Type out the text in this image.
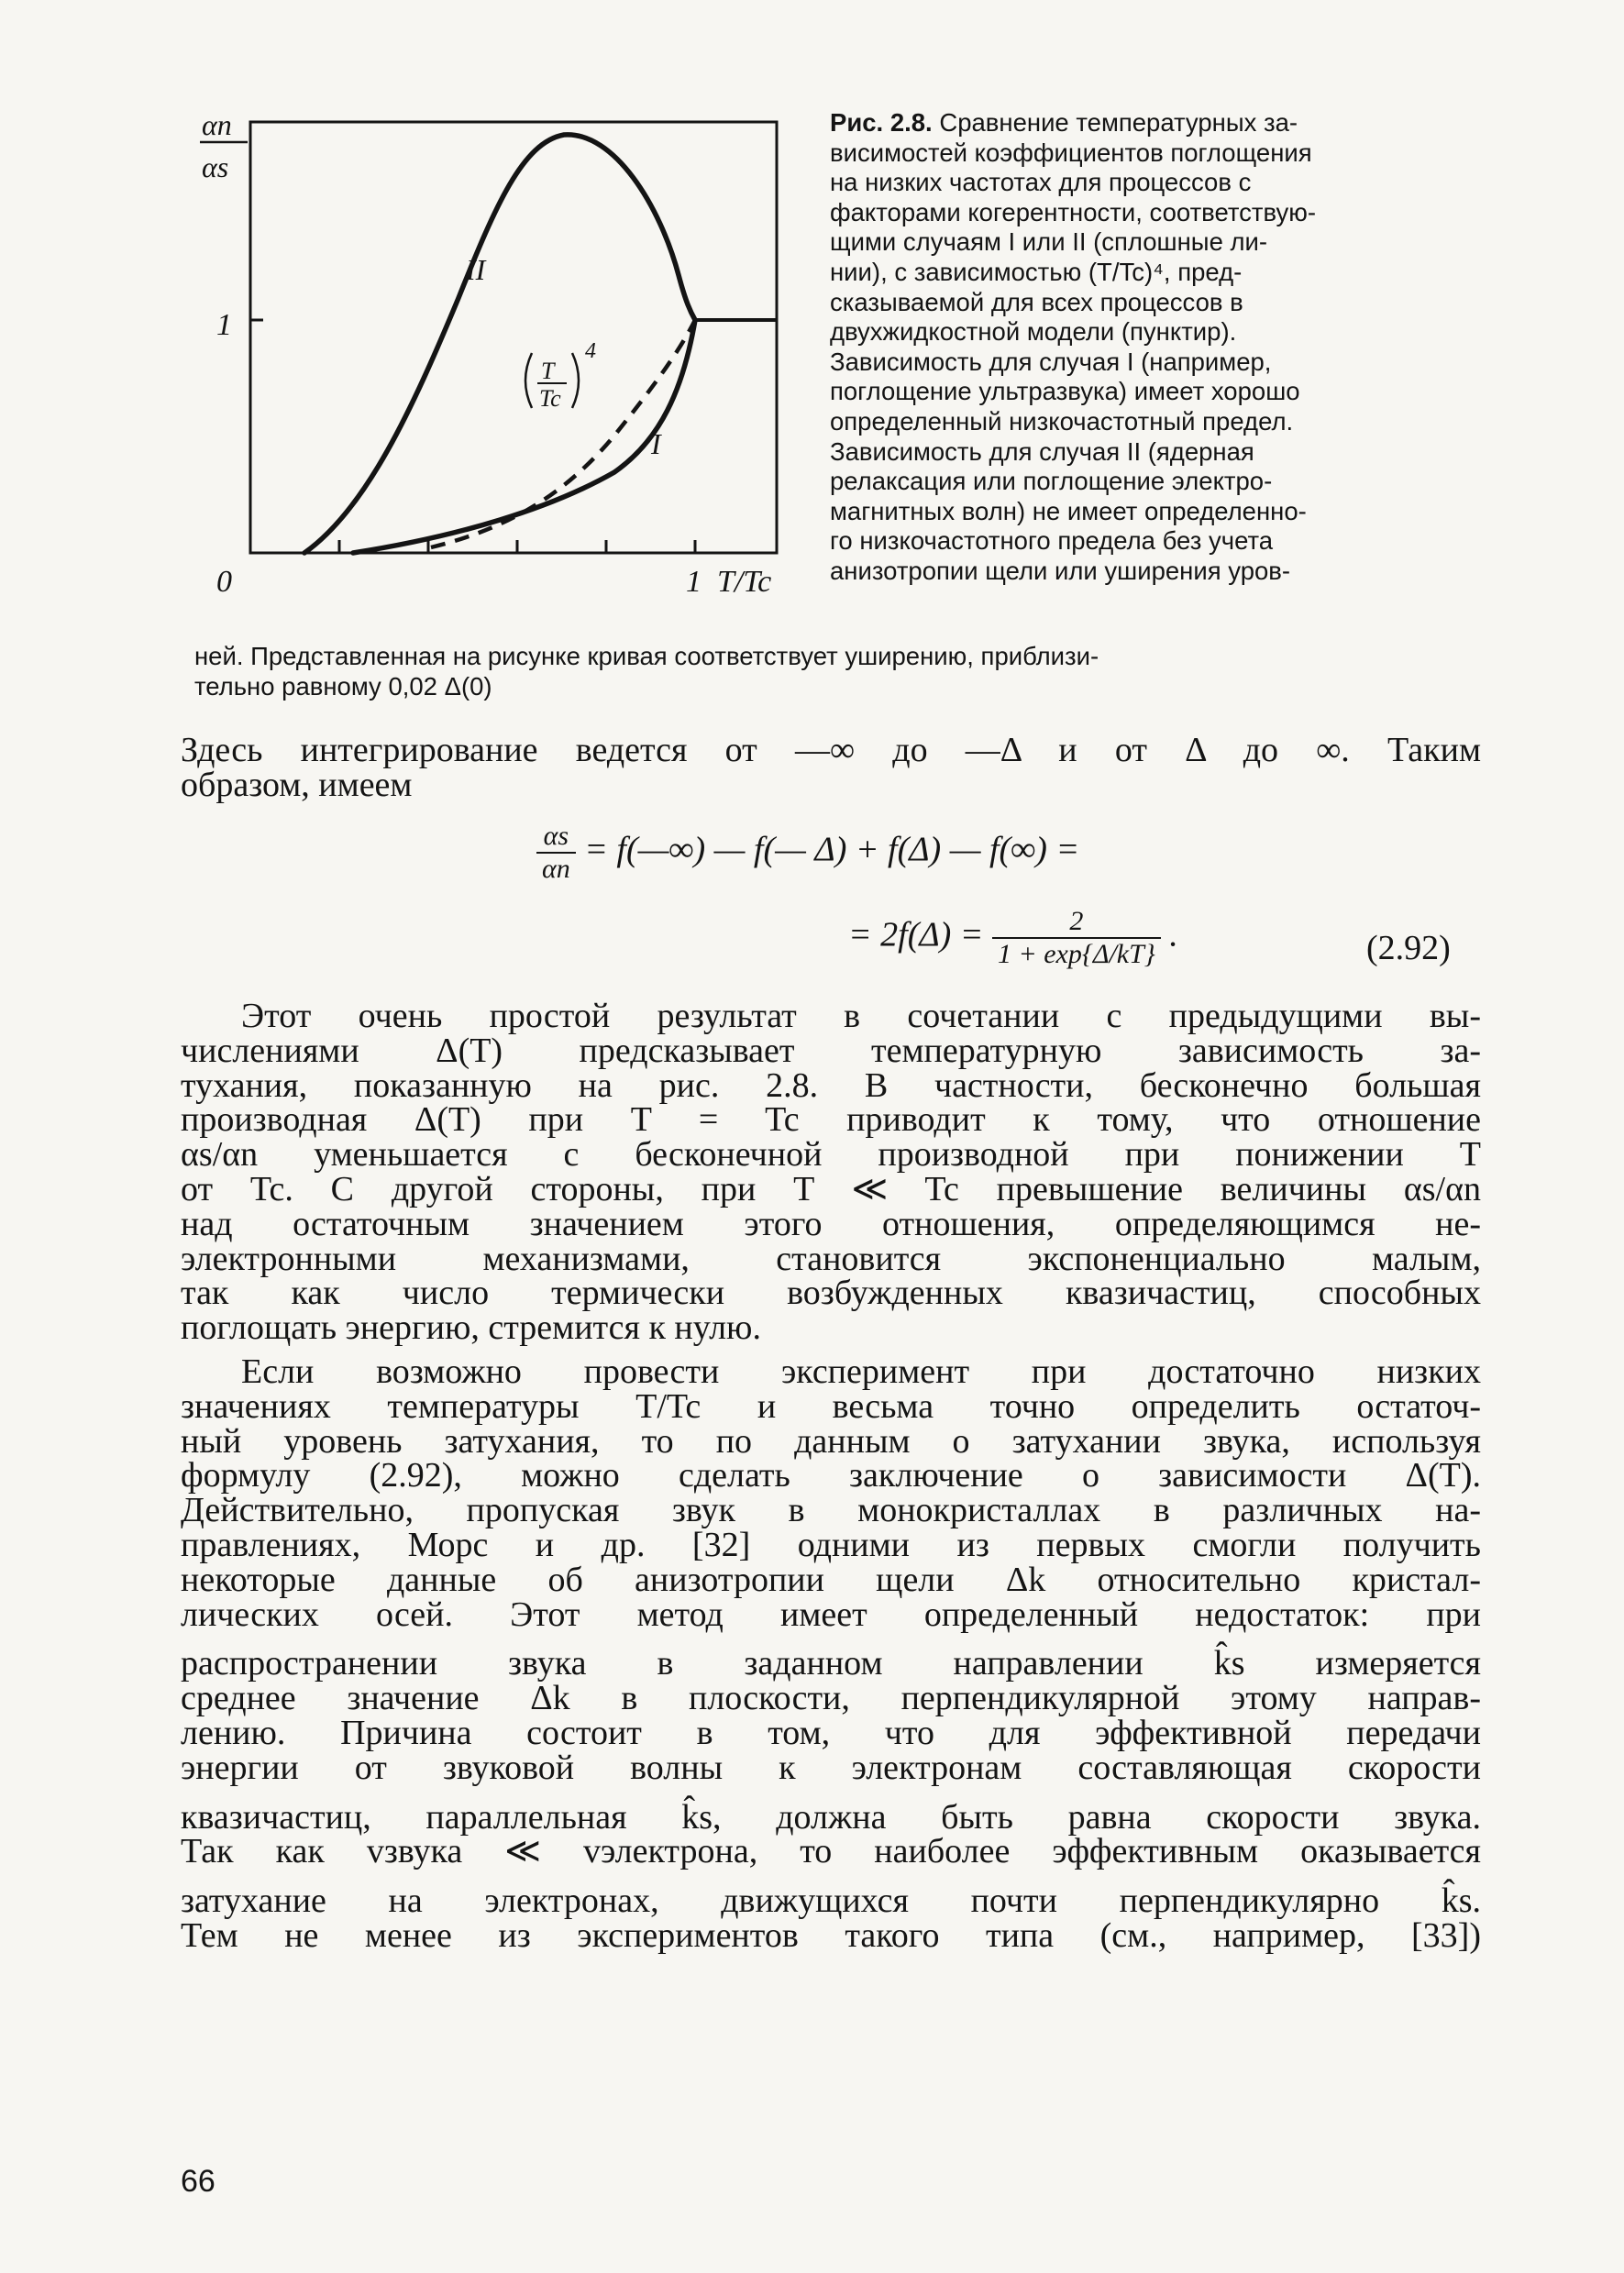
αn
αs
1
II
I
T
Tc
4
0	1 T/Tc
Рис. 2.8. Сравнение температурных за-
висимостей коэффициентов поглощения
на низких частотах для процессов с
факторами когерентности, соответствую-
щими случаям I или II (сплошные ли-
нии), с зависимостью (T/Tc)⁴, пред-
сказываемой для всех процессов в
двухжидкостной модели (пунктир).
Зависимость для случая I (например,
поглощение ультразвука) имеет хорошо
определенный низкочастотный предел.
Зависимость для случая II (ядерная
релаксация или поглощение электро-
магнитных волн) не имеет определенно-
го низкочастотного предела без учета
анизотропии щели или уширения уров-
ней. Представленная на рисунке кривая соответствует уширению, приблизи-
тельно равному 0,02 Δ(0)
Здесь интегрирование ведется от —∞ до —Δ и от Δ до ∞. Таким
образом, имеем
$\frac{\alpha s}{\alpha n}$ = f(—∞) — f(— Δ) + f(Δ) — f(∞) =
= $2f(\Delta) = \frac{2}{1 + \exp\{\Delta/kT\}}$ .	(2.92)
Этот очень простой результат в сочетании с предыдущими вы-
числениями Δ(T) предсказывает температурную зависимость за-
тухания, показанную на рис. 2.8. В частности, бесконечно большая
производная Δ(T) при T = Tc приводит к тому, что отношение
αs/αn уменьшается с бесконечной производной при понижении T
от Tc. С другой стороны, при T ≪ Tc превышение величины αs/αn
над остаточным значением этого отношения, определяющимся не-
электронными механизмами, становится экспоненциально малым,
так как число термически возбужденных квазичастиц, способных
поглощать энергию, стремится к нулю.
Если возможно провести эксперимент при достаточно низких
значениях температуры T/Tc и весьма точно определить остаточ-
ный уровень затухания, то по данным о затухании звука, используя
формулу (2.92), можно сделать заключение о зависимости Δ(T).
Действительно, пропуская звук в монокристаллах в различных на-
правлениях, Морс и др. [32] одними из первых смогли получить
некоторые данные об анизотропии щели Δk относительно кристал-
лических осей. Этот метод имеет определенный недостаток: при
распространении звука в заданном направлении k̂s измеряется
среднее значение Δk в плоскости, перпендикулярной этому направ-
лению. Причина состоит в том, что для эффективной передачи
энергии от звуковой волны к электронам составляющая скорости
квазичастиц, параллельная k̂s, должна быть равна скорости звука.
Так как vзвука ≪ vэлектрона, то наиболее эффективным оказывается
затухание на электронах, движущихся почти перпендикулярно k̂s.
Тем не менее из экспериментов такого типа (см., например, [33])
66
